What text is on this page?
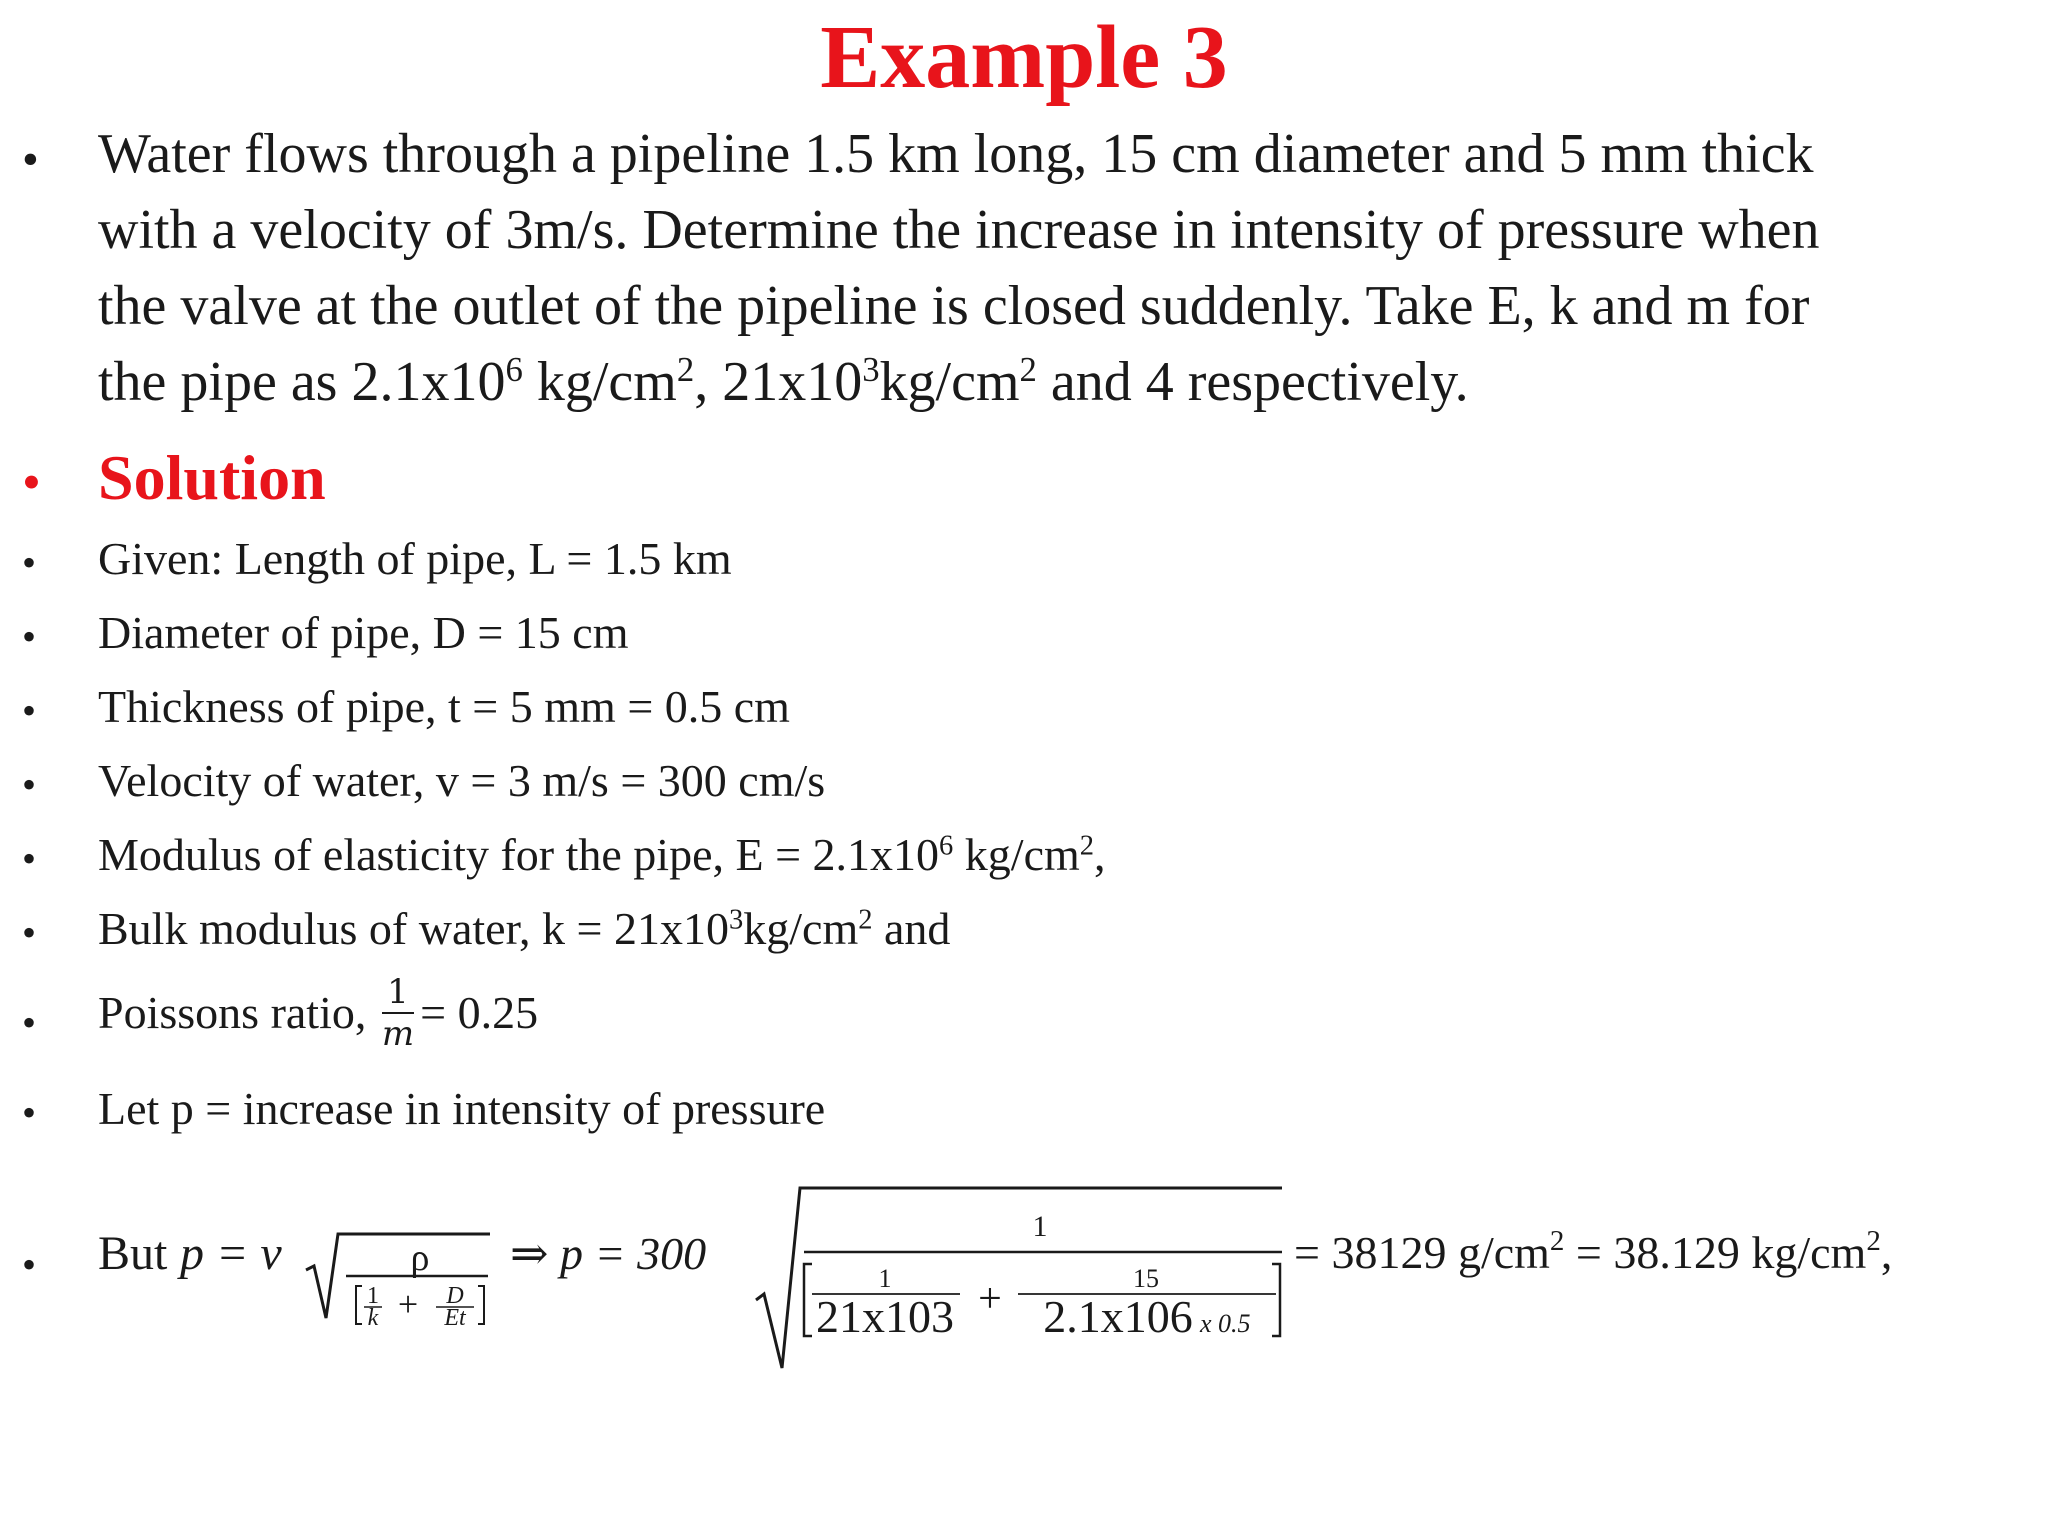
Example 3
• Water flows through a pipeline 1.5 km long, 15 cm diameter and 5 mm thick
with a velocity of 3m/s. Determine the increase in intensity of pressure when
the valve at the outlet of the pipeline is closed suddenly. Take E, k and m for
the pipe as $2.1x10^6$ $kg/cm^2$, $21x10^3kg/cm^2$ and 4 respectively.
• Solution
• Given: Length of pipe, L = 1.5 km
• Diameter of pipe, D = 15 cm
• Thickness of pipe, t = 5 mm = 0.5 cm
• Velocity of water, v = 3 m/s = 300 cm/s
• Modulus of elasticity for the pipe, $E = 2.1x10^6$ $kg/cm^2$,
• Bulk modulus of water, $k = 21x10^3kg/cm^2$ and
• Poissons ratio, $\frac{1}{m} = 0.25$
• Let p = increase in intensity of pressure
• But p = v	ρ
1
k + D
Et
⇒ p = 300
1
1
21x103 +	15
2.1x106 x 0.5
= 38129 $g/cm^2 = 38.129$ $kg/cm^2$,
